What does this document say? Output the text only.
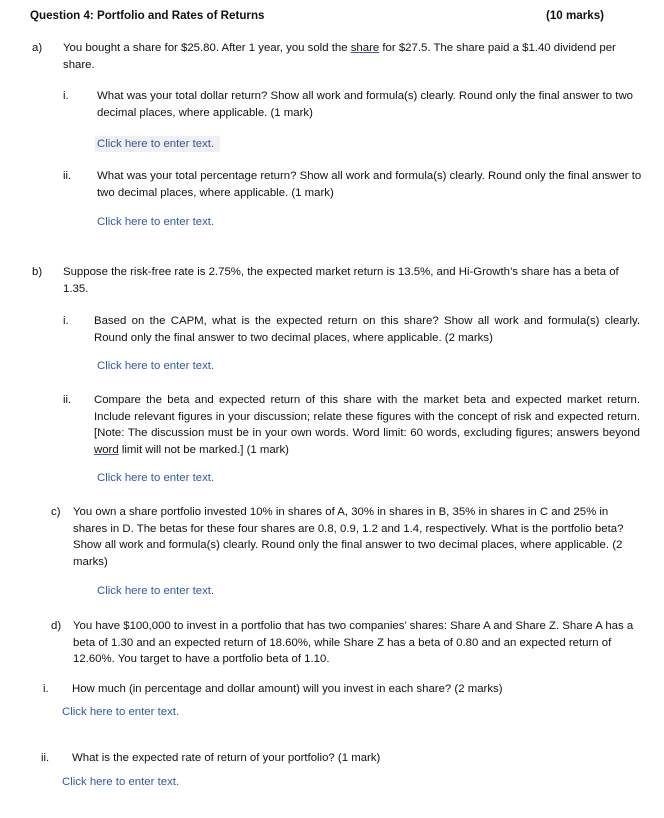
Question 4: Portfolio and Rates of Returns	(10 marks)
a) You bought a share for $25.80. After 1 year, you sold the share for $27.5. The share paid a $1.40 dividend per share.
i. What was your total dollar return? Show all work and formula(s) clearly. Round only the final answer to two decimal places, where applicable. (1 mark)
Click here to enter text.
ii. What was your total percentage return? Show all work and formula(s) clearly. Round only the final answer to two decimal places, where applicable. (1 mark)
Click here to enter text.
b) Suppose the risk-free rate is 2.75%, the expected market return is 13.5%, and Hi-Growth’s share has a beta of 1.35.
i. Based on the CAPM, what is the expected return on this share? Show all work and formula(s) clearly. Round only the final answer to two decimal places, where applicable. (2 marks)
Click here to enter text.
ii. Compare the beta and expected return of this share with the market beta and expected market return. Include relevant figures in your discussion; relate these figures with the concept of risk and expected return. [Note: The discussion must be in your own words. Word limit: 60 words, excluding figures; answers beyond word limit will not be marked.] (1 mark)
Click here to enter text.
c) You own a share portfolio invested 10% in shares of A, 30% in shares in B, 35% in shares in C and 25% in shares in D. The betas for these four shares are 0.8, 0.9, 1.2 and 1.4, respectively. What is the portfolio beta? Show all work and formula(s) clearly. Round only the final answer to two decimal places, where applicable. (2 marks)
Click here to enter text.
d) You have $100,000 to invest in a portfolio that has two companies’ shares: Share A and Share Z. Share A has a beta of 1.30 and an expected return of 18.60%, while Share Z has a beta of 0.80 and an expected return of 12.60%. You target to have a portfolio beta of 1.10.
i. How much (in percentage and dollar amount) will you invest in each share? (2 marks)
Click here to enter text.
ii. What is the expected rate of return of your portfolio? (1 mark)
Click here to enter text.
